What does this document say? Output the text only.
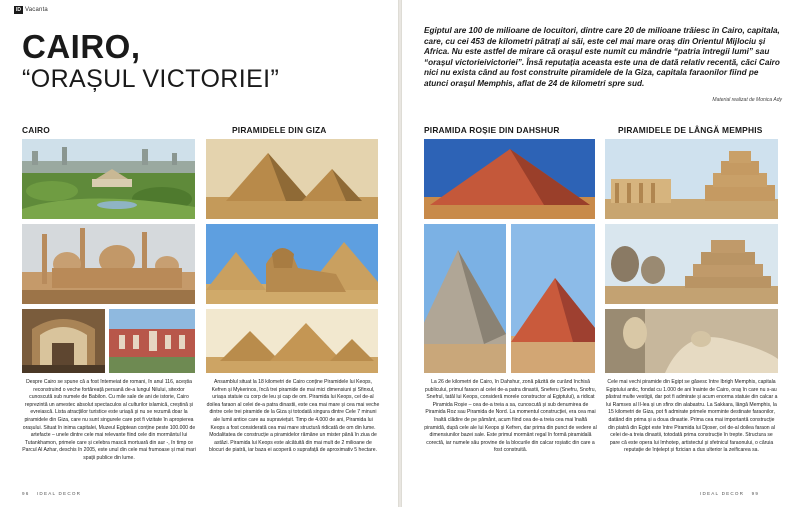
ID Vacanta
CAIRO,
“ORAȘUL VICTORIEI”
CAIRO	PIRAMIDELE DIN GIZA

Despre Cairo se spune că a fost întemeiat de romani, în anul 116, aceștia reconstruind o veche fortăreață persană de-a lungul Nilului, sitextor cunoscută sub numele de Babilon. Cu mile sale de ani de istorie, Cairo reprezintă un amestec absolut spectaculos al culturilor islamică, creștină și evreiască. Lista atracțiilor turistice este uriașă și nu se rezumă doar la piramidele din Giza, care nu sunt singurele care pot fi vizitate în apropierea orașului. Situat în inima capitalei, Muzeul Egiptean conține peste 100.000 de artefacte – unele dintre cele mai relevante fiind cele din mormântul lui Tutankhamon, primele care și celebra mască mortuară din aur -, în timp ce Parcul Al Azhar, deschis în 2005, este unul din cele mai frumoase și mai mari spații publice din lume.

Ansamblul situat la 18 kilometri de Cairo conține Piramidele lui Keops, Kefren și Mykerinos, încă trei piramide de mai mici dimensiuni și Sfinxul, uriașa statuie cu corp de leu și cap de om. Piramida lui Keops, cel de-al doilea faraon al celei de-a patra dinastii, este cea mai mare și cea mai veche dintre cele trei piramide de la Giza și totodată singura dintre Cele 7 minuni ale lumii antice care au supraviețuit. Timp de 4.000 de ani, Piramida lui Keops a fost considerată cea mai mare structură ridicată de om din lume. Modalitatea de construcție a piramidelor rămâne un mister până în ziua de astăzi. Piramida lui Keops este alcătuită din mai mult de 2 milioane de blocuri de piatră, iar baza ei acoperă o suprafață de aproximativ 5 hectare.

96 IDEAL DECOR

Egiptul are 100 de milioane de locuitori, dintre care 20 de milioane trăiesc în Cairo, capitala, care, cu cei 453 de kilometri pătrați ai săi, este cel mai mare oraș din Orientul Mijlociu și Africa. Nu este astfel de mirare că orașul este numit cu mândrie “patria întregii lumi” sau “orașul victorieivictoriei”. Însă reputația aceasta este una de dată relativ recentă, căci Cairo nici nu exista când au fost construite piramidele de la Giza, capitala faraonilor fiind pe atunci orașul Memphis, aflat de 24 de kilometri spre sud.

Material realizat de Monica Ady
PIRAMIDA ROȘIE DIN DAHSHUR	PIRAMIDELE DE LÂNGĂ MEMPHIS

La 26 de kilometri de Cairo, în Dahshur, zonă păzită de curând închisă publicului, primul faraon al celei de-a patra dinastii, Sneferu (Snefru, Snofru, Snefrul, tatăl lui Keops, consideră morele constructor al Egiptului), a ridicat Piramida Roșie – cea de-a treia a sa, cunoscută și sub denumirea de Piramida Roz sau Piramida de Nord. La momentul construcției, era cea mai înaltă clădire de pe pământ, acum fiind cea de-a treia cea mai înaltă piramidă, după cele ale lui Keops și Kefren, dar prima din punct de vedere al dimensiunilor bazei sale. Este primul mormânt regal în formă piramidală corectă, iar numele său provine de la blocurile din calcar roșiatic din care a fost construită.

Cele mai vechi piramide din Egipt se găsesc între Ibrigh Memphis, capitala Egiptului antic, fondat cu 1.000 de ani înainte de Cairo, oraș în care nu s-au păstrat multe vestigii, dar pot fi admirate și acum enorma statuie din calcar a lui Ramses al II-lea și un sfinx din alabastru. La Sakkara, lângă Memphis, la 15 kilometri de Giza, pot fi admirate primele morminte destinate faraonilor, datând din prima și a doua dinastie. Prima cea mai importantă construcție din piatră din Egipt este între Piramida lui Djoser, cel de-al doilea faraon al celei de-a treia dinastii, totodată prima construcție în trepte. Structura se pare că este opera lui Imhotep, artistectul și sfetnicul faraonului, o căruia reputație de înțelept și fizician a dus ulterior la zeificarea sa.

IDEAL DECOR 99
